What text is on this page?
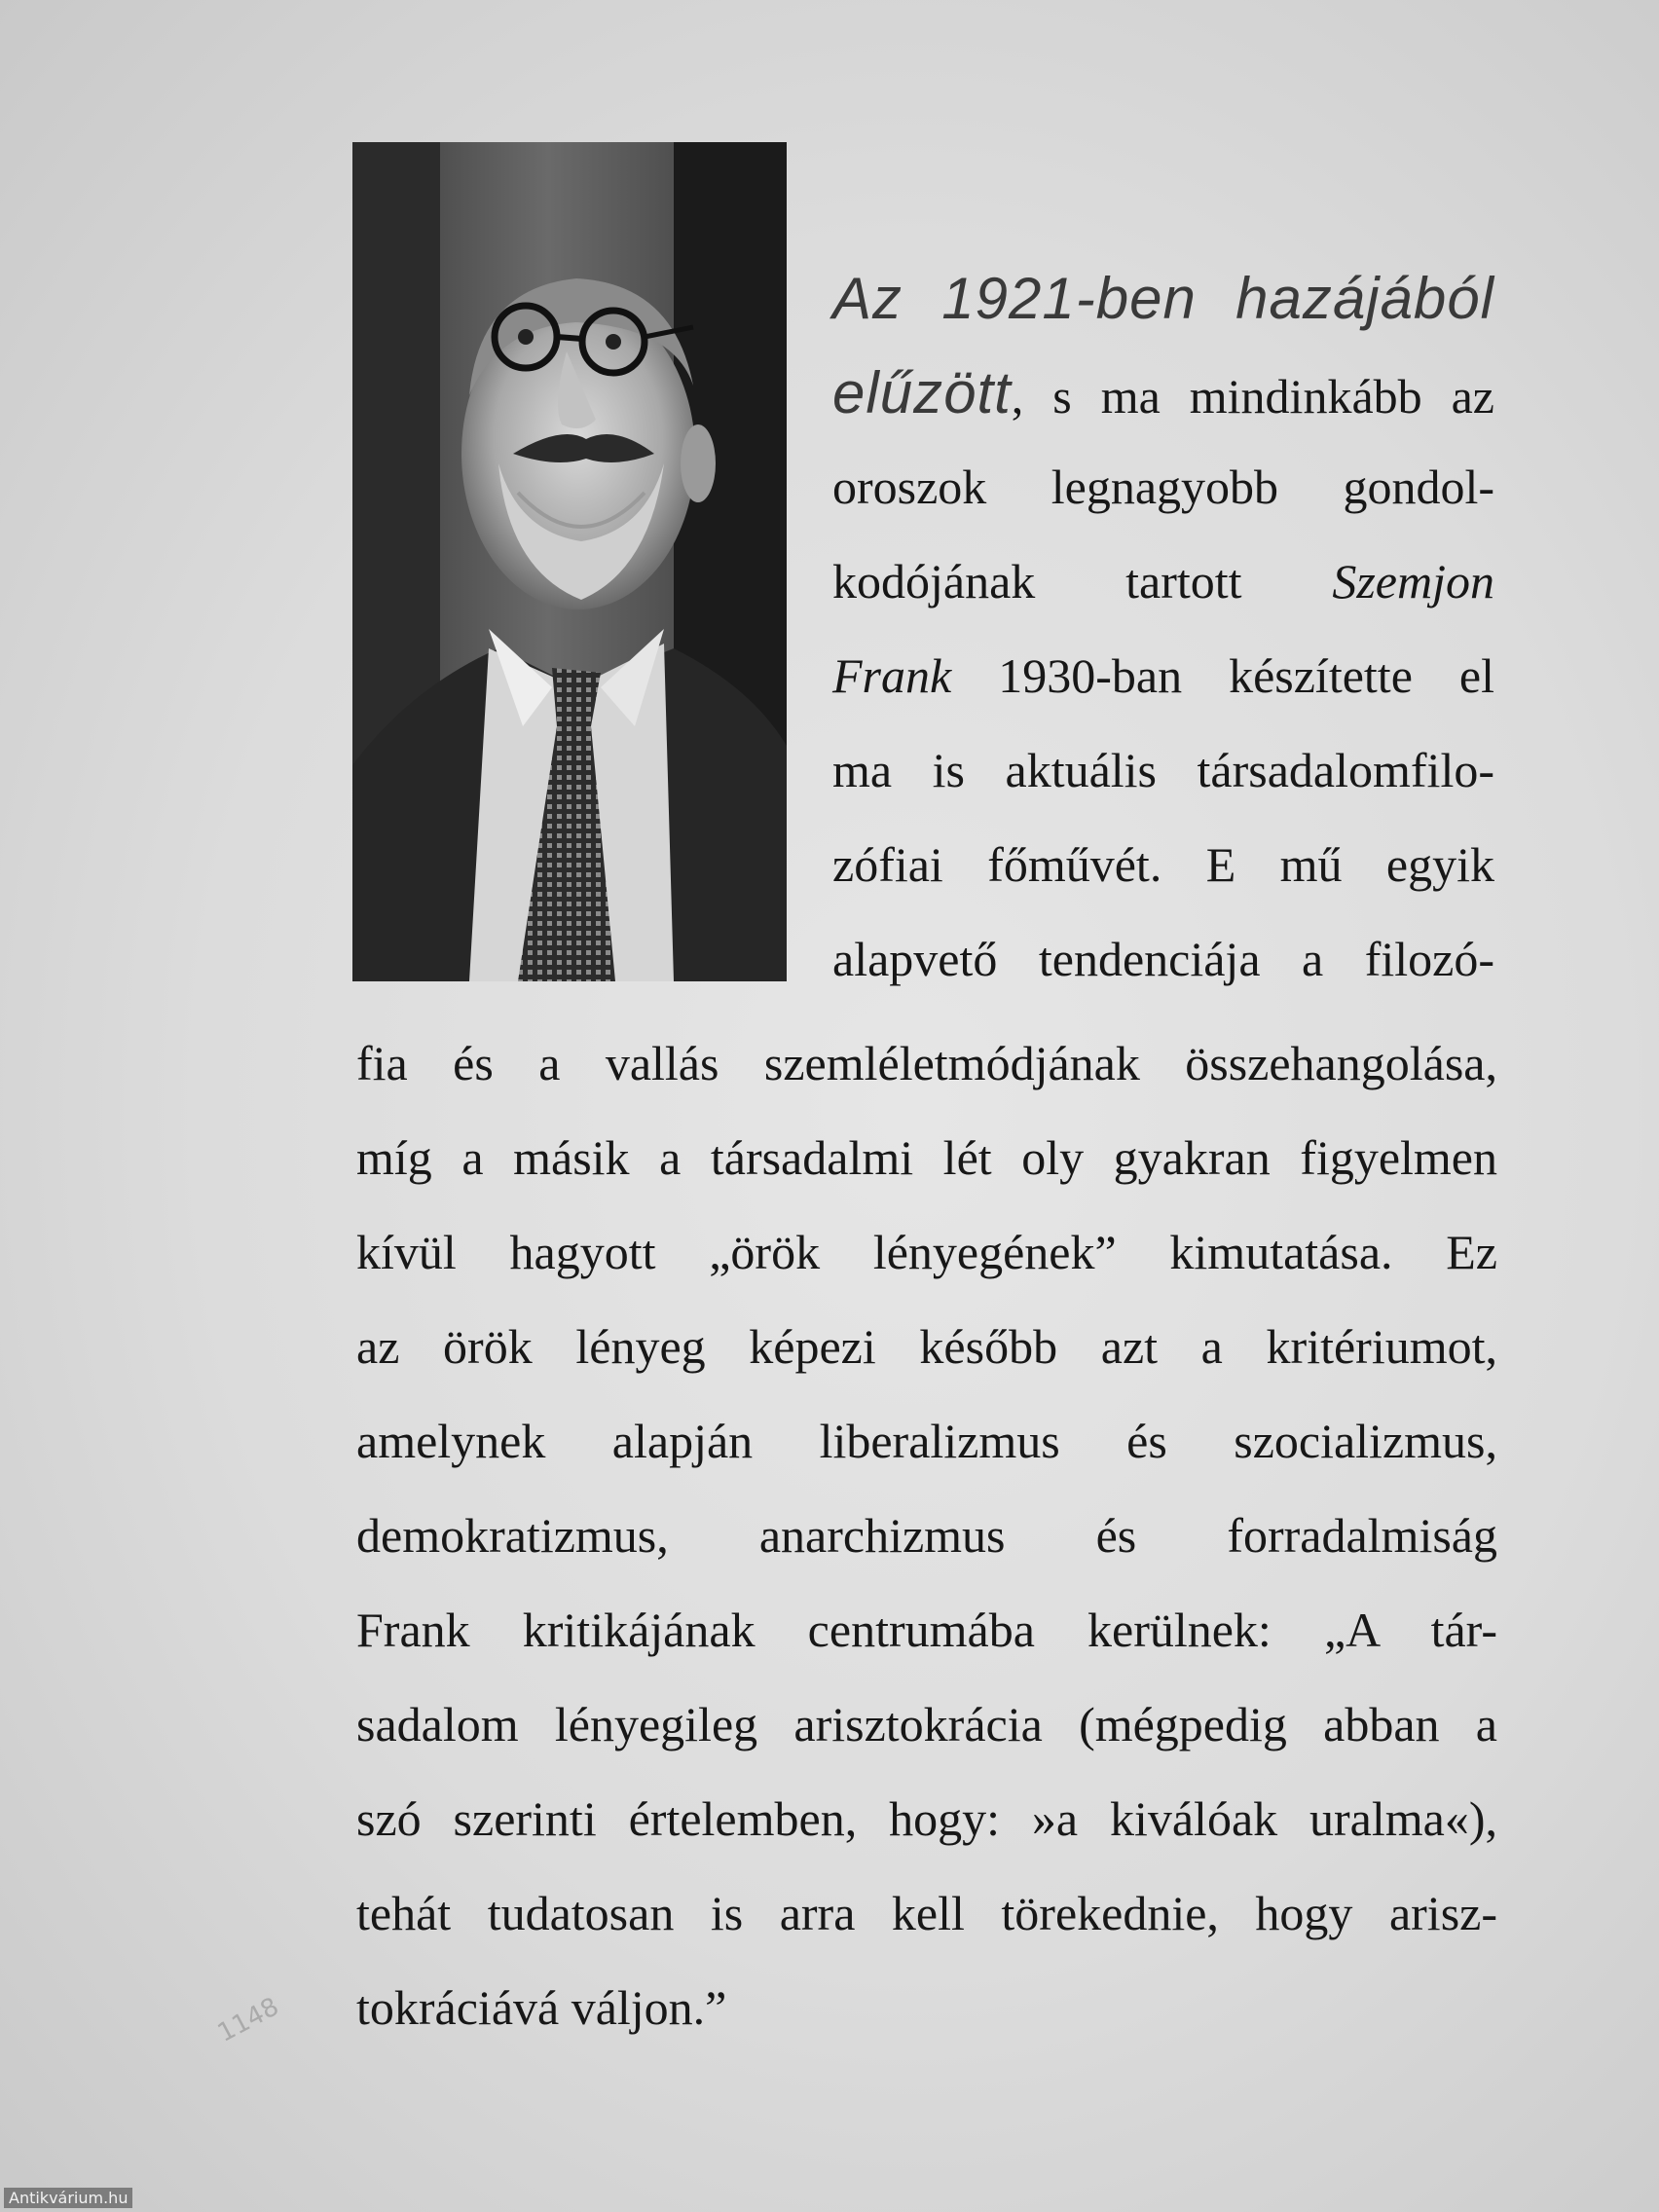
Az 1921-ben hazájából
elűzött, s ma mindinkább az
oroszok legnagyobb gondol-
kodójának tartott Szemjon
Frank 1930-ban készítette el
ma is aktuális társadalomfilo-
zófiai főművét. E mű egyik
alapvető tendenciája a filozó-
fia és a vallás szemléletmódjának összehangolása,
míg a másik a társadalmi lét oly gyakran figyelmen
kívül hagyott „örök lényegének” kimutatása. Ez
az örök lényeg képezi később azt a kritériumot,
amelynek alapján liberalizmus és szocializmus,
demokratizmus, anarchizmus és forradalmiság
Frank kritikájának centrumába kerülnek: „A tár-
sadalom lényegileg arisztokrácia (mégpedig abban a
szó szerinti értelemben, hogy: »a kiválóak uralma«),
tehát tudatosan is arra kell törekednie, hogy arisz-
tokráciává váljon.”
1148
Antikvárium.hu
